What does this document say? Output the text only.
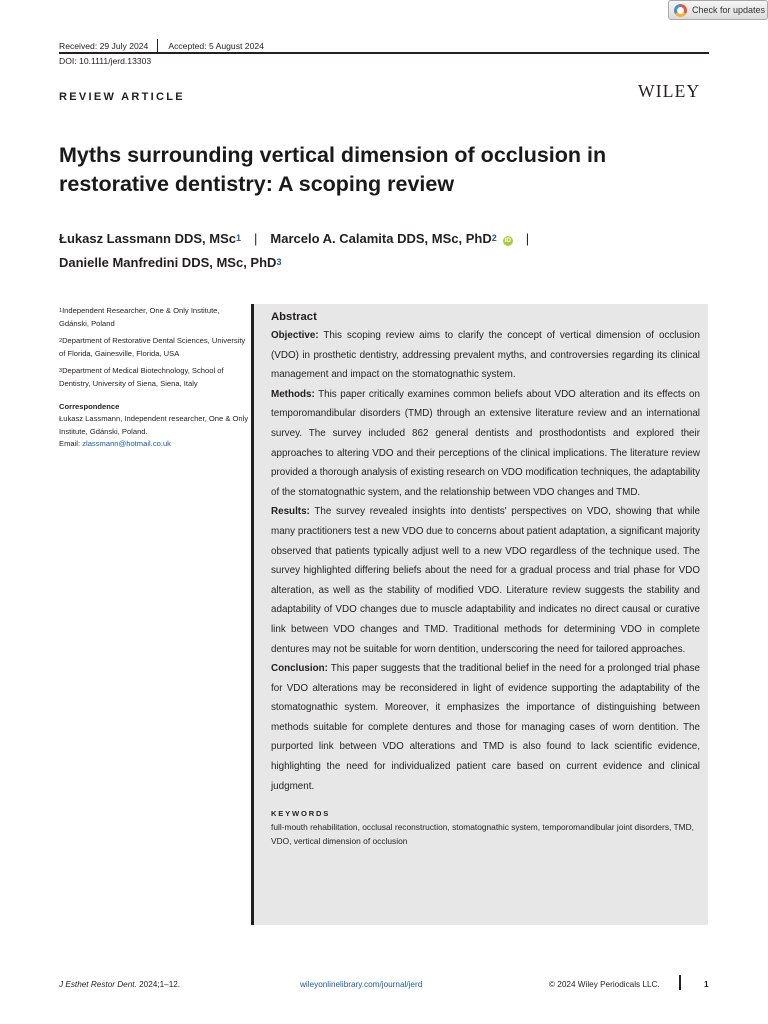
Check for updates
Received: 29 July 2024 Accepted: 5 August 2024
DOI: 10.1111/jerd.13303
REVIEW ARTICLE	WILEY
Myths surrounding vertical dimension of occlusion in restorative dentistry: A scoping review
Łukasz Lassmann DDS, MSc$^1$ | Marcelo A. Calamita DDS, MSc, PhD$^2$ iD |
Danielle Manfredini DDS, MSc, PhD$^3$

$^1$Independent Researcher, One & Only Institute, Gdánski, Poland

$^2$Department of Restorative Dental Sciences, University of Florida, Gainesville, Florida, USA

$^3$Department of Medical Biotechnology, School of Dentistry, University of Siena, Siena, Italy

Correspondence
Łukasz Lassmann, Independent researcher, One & Only Institute, Gdánski, Poland.
Email: zlassmann@hotmail.co.uk
Abstract

Objective: This scoping review aims to clarify the concept of vertical dimension of occlusion (VDO) in prosthetic dentistry, addressing prevalent myths, and controversies regarding its clinical management and impact on the stomatognathic system.

Methods: This paper critically examines common beliefs about VDO alteration and its effects on temporomandibular disorders (TMD) through an extensive literature review and an international survey. The survey included 862 general dentists and prosthodontists and explored their approaches to altering VDO and their perceptions of the clinical implications. The literature review provided a thorough analysis of existing research on VDO modification techniques, the adaptability of the stomatognathic system, and the relationship between VDO changes and TMD.

Results: The survey revealed insights into dentists' perspectives on VDO, showing that while many practitioners test a new VDO due to concerns about patient adaptation, a significant majority observed that patients typically adjust well to a new VDO regardless of the technique used. The survey highlighted differing beliefs about the need for a gradual process and trial phase for VDO alteration, as well as the stability of modified VDO. Literature review suggests the stability and adaptability of VDO changes due to muscle adaptability and indicates no direct causal or curative link between VDO changes and TMD. Traditional methods for determining VDO in complete dentures may not be suitable for worn dentition, underscoring the need for tailored approaches.

Conclusion: This paper suggests that the traditional belief in the need for a prolonged trial phase for VDO alterations may be reconsidered in light of evidence supporting the adaptability of the stomatognathic system. Moreover, it emphasizes the importance of distinguishing between methods suitable for complete dentures and those for managing cases of worn dentition. The purported link between VDO alterations and TMD is also found to lack scientific evidence, highlighting the need for individualized patient care based on current evidence and clinical judgment.

KEYWORDS
full-mouth rehabilitation, occlusal reconstruction, stomatognathic system, temporomandibular joint disorders, TMD, VDO, vertical dimension of occlusion
J Esthet Restor Dent. 2024;1–12.	wileyonlinelibrary.com/journal/jerd	© 2024 Wiley Periodicals LLC.	1
